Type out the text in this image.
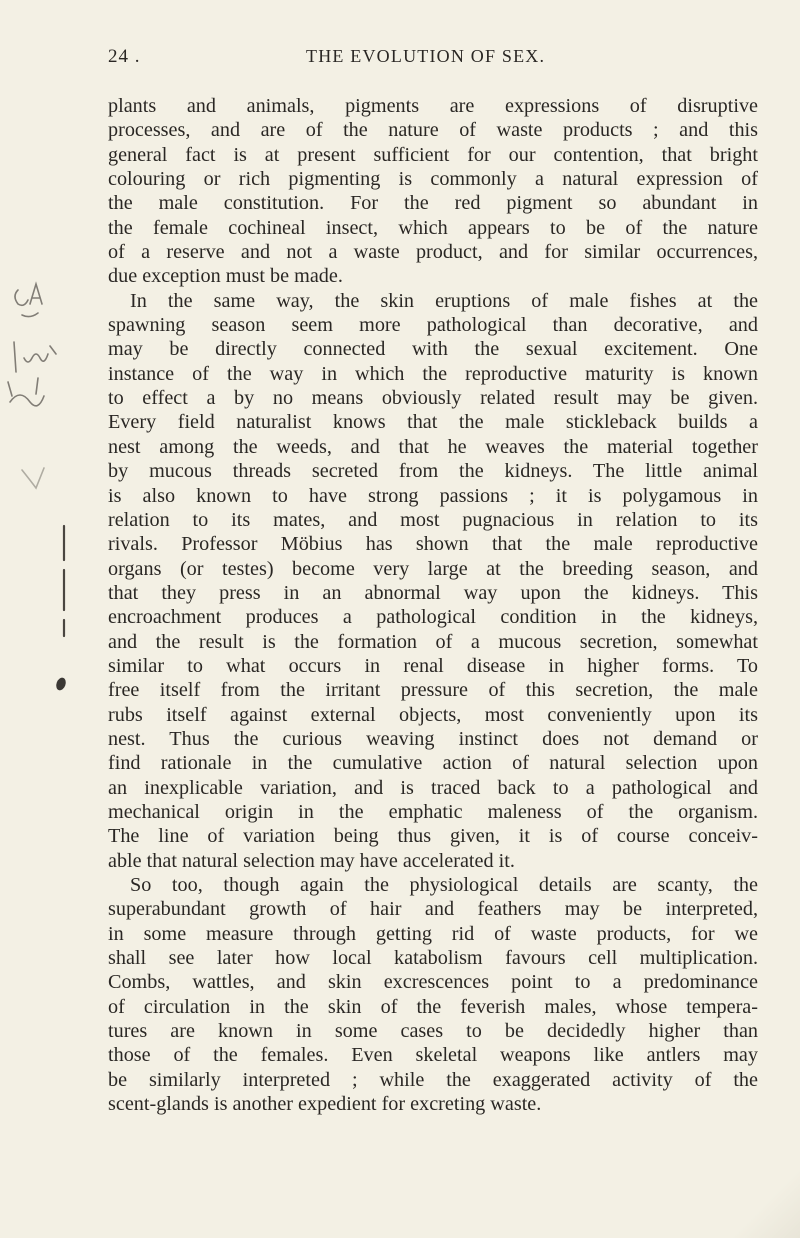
24 .	THE EVOLUTION OF SEX.
plants and animals, pigments are expressions of disruptive
processes, and are of the nature of waste products ; and this
general fact is at present sufficient for our contention, that bright
colouring or rich pigmenting is commonly a natural expression of
the male constitution. For the red pigment so abundant in
the female cochineal insect, which appears to be of the nature
of a reserve and not a waste product, and for similar occurrences,
due exception must be made.
In the same way, the skin eruptions of male fishes at the
spawning season seem more pathological than decorative, and
may be directly connected with the sexual excitement. One
instance of the way in which the reproductive maturity is known
to effect a by no means obviously related result may be given.
Every field naturalist knows that the male stickleback builds a
nest among the weeds, and that he weaves the material together
by mucous threads secreted from the kidneys. The little animal
is also known to have strong passions ; it is polygamous in
relation to its mates, and most pugnacious in relation to its
rivals. Professor Möbius has shown that the male reproductive
organs (or testes) become very large at the breeding season, and
that they press in an abnormal way upon the kidneys. This
encroachment produces a pathological condition in the kidneys,
and the result is the formation of a mucous secretion, somewhat
similar to what occurs in renal disease in higher forms. To
free itself from the irritant pressure of this secretion, the male
rubs itself against external objects, most conveniently upon its
nest. Thus the curious weaving instinct does not demand or
find rationale in the cumulative action of natural selection upon
an inexplicable variation, and is traced back to a pathological and
mechanical origin in the emphatic maleness of the organism.
The line of variation being thus given, it is of course conceiv-
able that natural selection may have accelerated it.
So too, though again the physiological details are scanty, the
superabundant growth of hair and feathers may be interpreted,
in some measure through getting rid of waste products, for we
shall see later how local katabolism favours cell multiplication.
Combs, wattles, and skin excrescences point to a predominance
of circulation in the skin of the feverish males, whose tempera-
tures are known in some cases to be decidedly higher than
those of the females. Even skeletal weapons like antlers may
be similarly interpreted ; while the exaggerated activity of the
scent-glands is another expedient for excreting waste.
